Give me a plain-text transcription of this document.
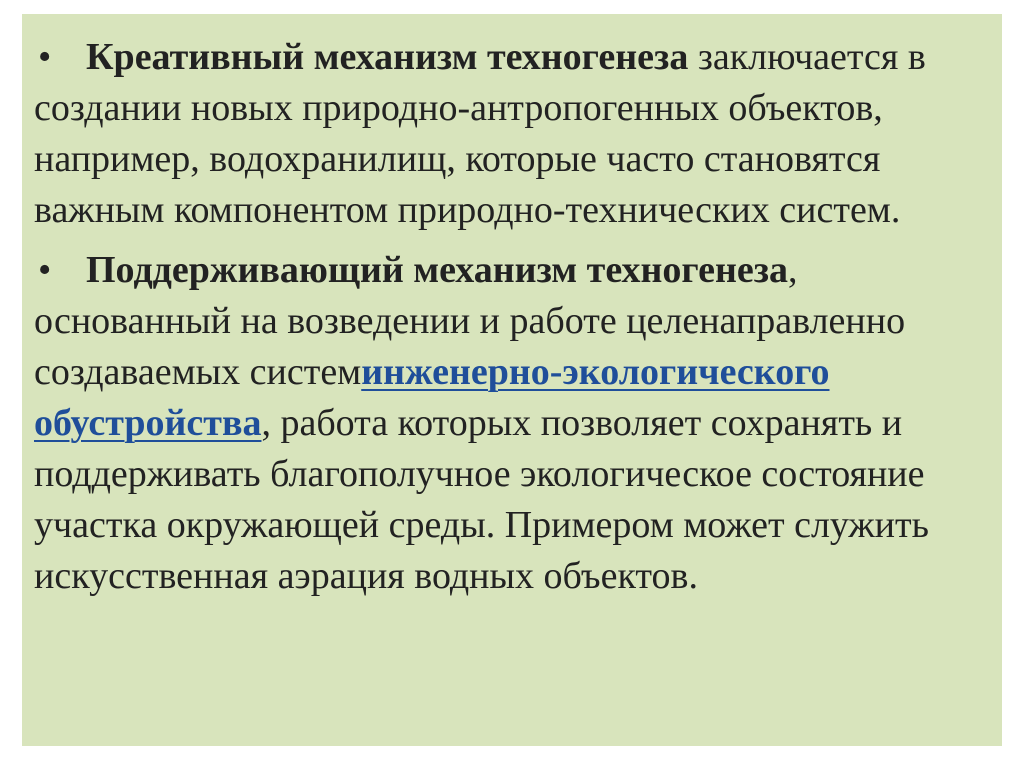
• Креативный механизм техногенеза заключается в создании новых природно-антропогенных объектов, например, водохранилищ, которые часто становятся важным компонентом природно-технических систем.

• Поддерживающий механизм техногенеза, основанный на возведении и работе целенаправленно создаваемых системинженерно-экологического обустройства, работа которых позволяет сохранять и поддерживать благополучное экологическое состояние участка окружающей среды. Примером может служить искусственная аэрация водных объектов.
